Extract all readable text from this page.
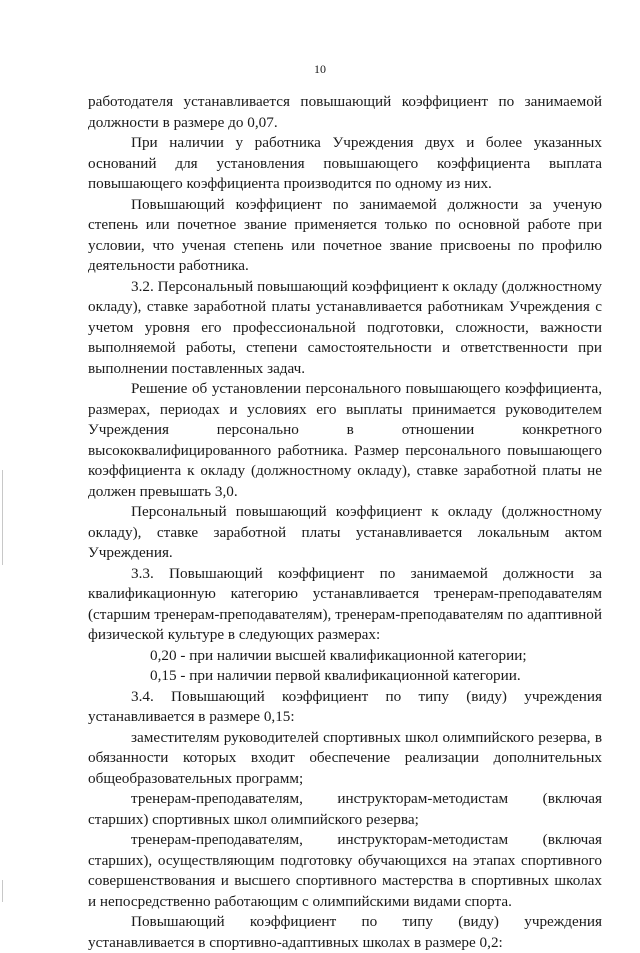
10

работодателя устанавливается повышающий коэффициент по занимаемой должности в размере до 0,07.

При наличии у работника Учреждения двух и более указанных оснований для установления повышающего коэффициента выплата повышающего коэффициента производится по одному из них.

Повышающий коэффициент по занимаемой должности за ученую степень или почетное звание применяется только по основной работе при условии, что ученая степень или почетное звание присвоены по профилю деятельности работника.

3.2. Персональный повышающий коэффициент к окладу (должностному окладу), ставке заработной платы устанавливается работникам Учреждения с учетом уровня его профессиональной подготовки, сложности, важности выполняемой работы, степени самостоятельности и ответственности при выполнении поставленных задач.

Решение об установлении персонального повышающего коэффициента, размерах, периодах и условиях его выплаты принимается руководителем Учреждения персонально в отношении конкретного высококвалифицированного работника. Размер персонального повышающего коэффициента к окладу (должностному окладу), ставке заработной платы не должен превышать 3,0.

Персональный повышающий коэффициент к окладу (должностному окладу), ставке заработной платы устанавливается локальным актом Учреждения.

3.3. Повышающий коэффициент по занимаемой должности за квалификационную категорию устанавливается тренерам-преподавателям (старшим тренерам-преподавателям), тренерам-преподавателям по адаптивной физической культуре в следующих размерах:

0,20 - при наличии высшей квалификационной категории;

0,15 - при наличии первой квалификационной категории.

3.4. Повышающий коэффициент по типу (виду) учреждения устанавливается в размере 0,15:

заместителям руководителей спортивных школ олимпийского резерва, в обязанности которых входит обеспечение реализации дополнительных общеобразовательных программ;

тренерам-преподавателям, инструкторам-методистам (включая старших) спортивных школ олимпийского резерва;

тренерам-преподавателям, инструкторам-методистам (включая старших), осуществляющим подготовку обучающихся на этапах спортивного совершенствования и высшего спортивного мастерства в спортивных школах и непосредственно работающим с олимпийскими видами спорта.

Повышающий коэффициент по типу (виду) учреждения устанавливается в спортивно-адаптивных школах в размере 0,2:
